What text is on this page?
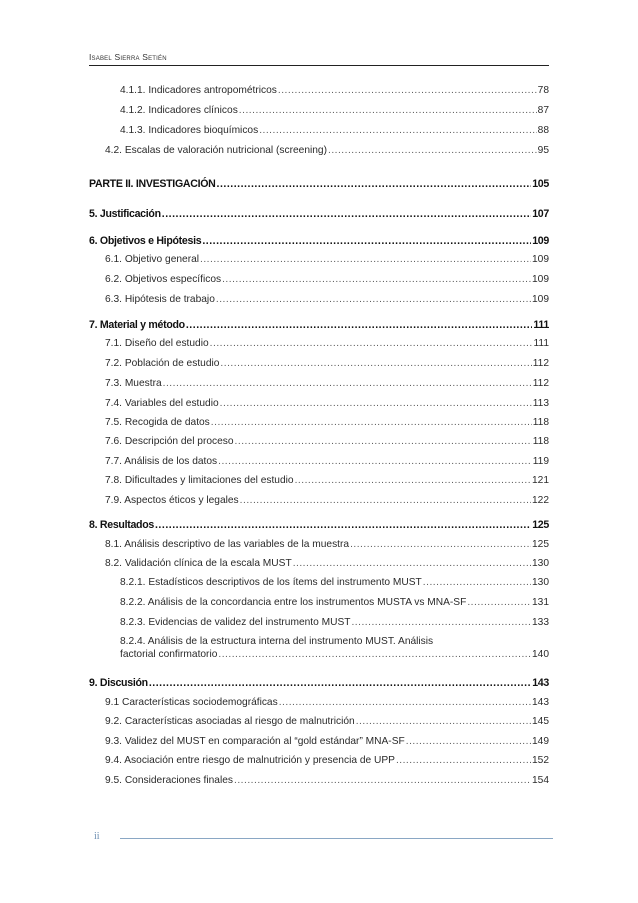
Isabel Sierra Setién
4.1.1. Indicadores antropométricos .....	78
4.1.2. Indicadores clínicos .....	87
4.1.3. Indicadores bioquímicos .....	88
4.2. Escalas de valoración nutricional (screening) .....	95
PARTE II. INVESTIGACIÓN .....	105
5. Justificación .....	107
6. Objetivos e Hipótesis .....	109
6.1. Objetivo general .....	109
6.2. Objetivos específicos .....	109
6.3. Hipótesis de trabajo .....	109
7. Material y método .....	111
7.1. Diseño del estudio .....	111
7.2. Población de estudio .....	112
7.3. Muestra .....	112
7.4. Variables del estudio .....	113
7.5. Recogida de datos .....	118
7.6. Descripción del proceso .....	118
7.7. Análisis de los datos .....	119
7.8. Dificultades y limitaciones del estudio .....	121
7.9. Aspectos éticos y legales .....	122
8. Resultados .....	125
8.1. Análisis descriptivo de las variables de la muestra .....	125
8.2. Validación clínica de la escala MUST .....	130
8.2.1. Estadísticos descriptivos de los ítems del instrumento MUST .....	130
8.2.2. Análisis de la concordancia entre los instrumentos MUSTA vs MNA-SF .....	131
8.2.3. Evidencias de validez del instrumento MUST .....	133
8.2.4. Análisis de la estructura interna del instrumento MUST. Análisis
factorial confirmatorio .....	140
9. Discusión .....	143
9.1 Características sociodemográficas .....	143
9.2. Características asociadas al riesgo de malnutrición .....	145
9.3. Validez del MUST en comparación al “gold estándar” MNA-SF .....	149
9.4. Asociación entre riesgo de malnutrición y presencia de UPP .....	152
9.5. Consideraciones finales .....	154
ii
